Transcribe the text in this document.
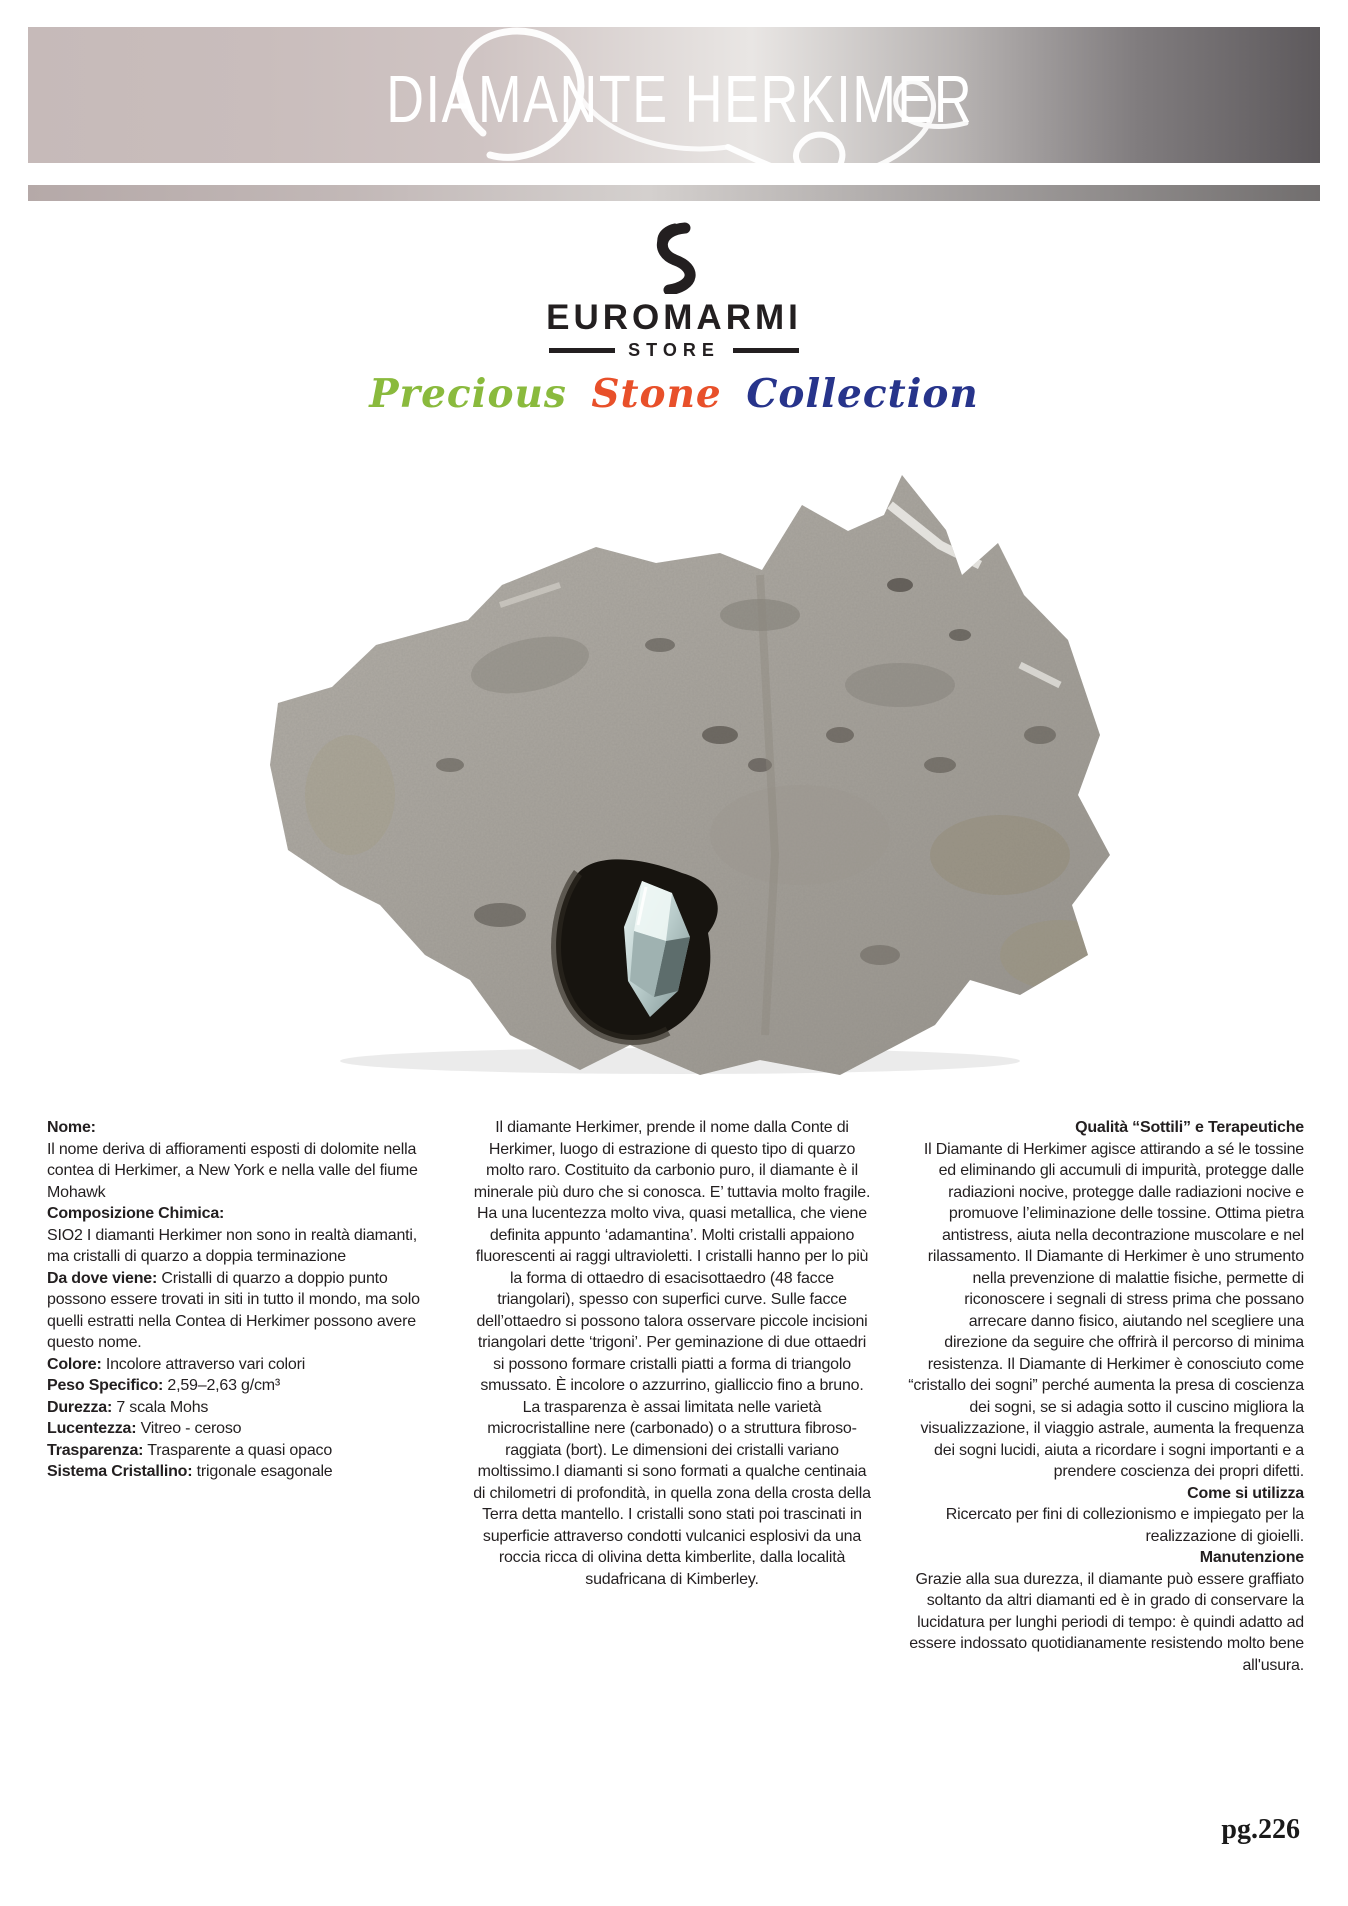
DIAMANTE HERKIMER
EUROMARMI
STORE
Precious Stone Collection
Nome:
Il nome deriva di affioramenti esposti di dolomite nella contea di Herkimer, a New York e nella valle del fiume Mohawk
Composizione Chimica:
SIO2 I diamanti Herkimer non sono in realtà diamanti, ma cristalli di quarzo a doppia terminazione
Da dove viene: Cristalli di quarzo a doppio punto possono essere trovati in siti in tutto il mondo, ma solo quelli estratti nella Contea di Herkimer possono avere questo nome.
Colore: Incolore attraverso vari colori
Peso Specifico: 2,59–2,63 g/cm³
Durezza: 7 scala Mohs
Lucentezza: Vitreo - ceroso
Trasparenza: Trasparente a quasi opaco
Sistema Cristallino: trigonale esagonale
Il diamante Herkimer, prende il nome dalla Conte di Herkimer, luogo di estrazione di questo tipo di quarzo molto raro. Costituito da carbonio puro, il diamante è il minerale più duro che si conosca. E’ tuttavia molto fragile. Ha una lucentezza molto viva, quasi metallica, che viene definita appunto ‘adamantina’. Molti cristalli appaiono fluorescenti ai raggi ultravioletti. I cristalli hanno per lo più la forma di ottaedro di esacisottaedro (48 facce triangolari), spesso con superfici curve. Sulle facce dell’ottaedro si possono talora osservare piccole incisioni triangolari dette ‘trigoni’. Per geminazione di due ottaedri si possono formare cristalli piatti a forma di triangolo smussato. È incolore o azzurrino, gialliccio fino a bruno. La trasparenza è assai limitata nelle varietà microcristalline nere (carbonado) o a struttura fibroso-raggiata (bort). Le dimensioni dei cristalli variano moltissimo.I diamanti si sono formati a qualche centinaia di chilometri di profondità, in quella zona della crosta della Terra detta mantello. I cristalli sono stati poi trascinati in superficie attraverso condotti vulcanici esplosivi da una roccia ricca di olivina detta kimberlite, dalla località sudafricana di Kimberley.
Qualità “Sottili” e Terapeutiche
Il Diamante di Herkimer agisce attirando a sé le tossine ed eliminando gli accumuli di impurità, protegge dalle radiazioni nocive, protegge dalle radiazioni nocive e promuove l’eliminazione delle tossine. Ottima pietra antistress, aiuta nella decontrazione muscolare e nel rilassamento. Il Diamante di Herkimer è uno strumento nella prevenzione di malattie fisiche, permette di riconoscere i segnali di stress prima che possano arrecare danno fisico, aiutando nel scegliere una direzione da seguire che offrirà il percorso di minima resistenza. Il Diamante di Herkimer è conosciuto come “cristallo dei sogni” perché aumenta la presa di coscienza dei sogni, se si adagia sotto il cuscino migliora la visualizzazione, il viaggio astrale, aumenta la frequenza dei sogni lucidi, aiuta a ricordare i sogni importanti e a prendere coscienza dei propri difetti.
Come si utilizza
Ricercato per fini di collezionismo e impiegato per la realizzazione di gioielli.
Manutenzione
Grazie alla sua durezza, il diamante può essere graffiato soltanto da altri diamanti ed è in grado di conservare la lucidatura per lunghi periodi di tempo: è quindi adatto ad essere indossato quotidianamente resistendo molto bene all'usura.
pg.226
